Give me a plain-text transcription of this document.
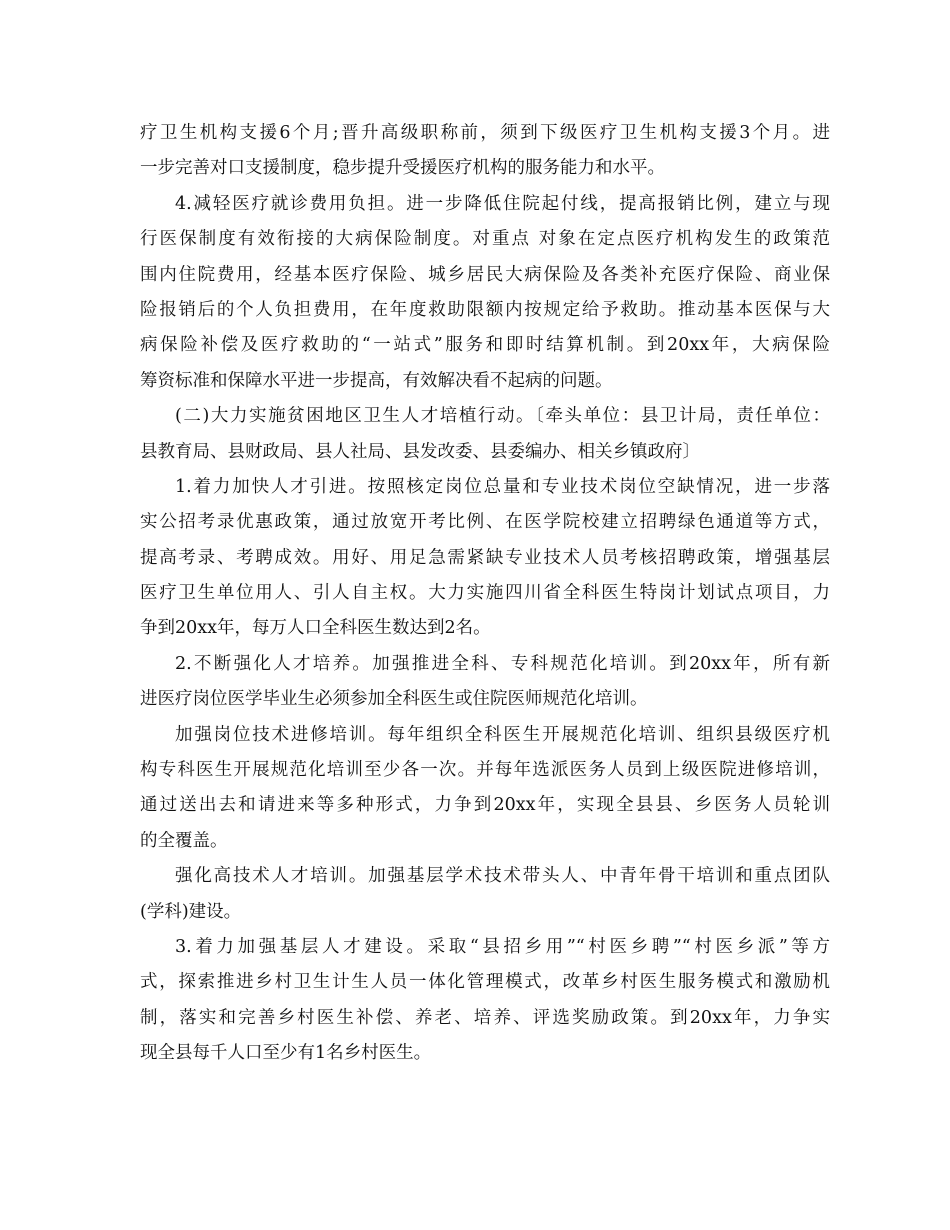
疗卫生机构支援6个月;晋升高级职称前，须到下级医疗卫生机构支援3个月。进
一步完善对口支援制度，稳步提升受援医疗机构的服务能力和水平。
4.减轻医疗就诊费用负担。进一步降低住院起付线，提高报销比例，建立与现
行医保制度有效衔接的大病保险制度。对重点 对象在定点医疗机构发生的政策范
围内住院费用，经基本医疗保险、城乡居民大病保险及各类补充医疗保险、商业保
险报销后的个人负担费用，在年度救助限额内按规定给予救助。推动基本医保与大
病保险补偿及医疗救助的“一站式”服务和即时结算机制。到20xx年，大病保险
筹资标准和保障水平进一步提高，有效解决看不起病的问题。
(二)大力实施贫困地区卫生人才培植行动。〔牵头单位：县卫计局，责任单位：
县教育局、县财政局、县人社局、县发改委、县委编办、相关乡镇政府〕
1.着力加快人才引进。按照核定岗位总量和专业技术岗位空缺情况，进一步落
实公招考录优惠政策，通过放宽开考比例、在医学院校建立招聘绿色通道等方式，
提高考录、考聘成效。用好、用足急需紧缺专业技术人员考核招聘政策，增强基层
医疗卫生单位用人、引人自主权。大力实施四川省全科医生特岗计划试点项目，力
争到20xx年，每万人口全科医生数达到2名。
2.不断强化人才培养。加强推进全科、专科规范化培训。到20xx年，所有新
进医疗岗位医学毕业生必须参加全科医生或住院医师规范化培训。
加强岗位技术进修培训。每年组织全科医生开展规范化培训、组织县级医疗机
构专科医生开展规范化培训至少各一次。并每年选派医务人员到上级医院进修培训，
通过送出去和请进来等多种形式，力争到20xx年，实现全县县、乡医务人员轮训
的全覆盖。
强化高技术人才培训。加强基层学术技术带头人、中青年骨干培训和重点团队
(学科)建设。
3.着力加强基层人才建设。采取“县招乡用”“村医乡聘”“村医乡派”等方
式，探索推进乡村卫生计生人员一体化管理模式，改革乡村医生服务模式和激励机
制，落实和完善乡村医生补偿、养老、培养、评选奖励政策。到20xx年，力争实
现全县每千人口至少有1名乡村医生。
